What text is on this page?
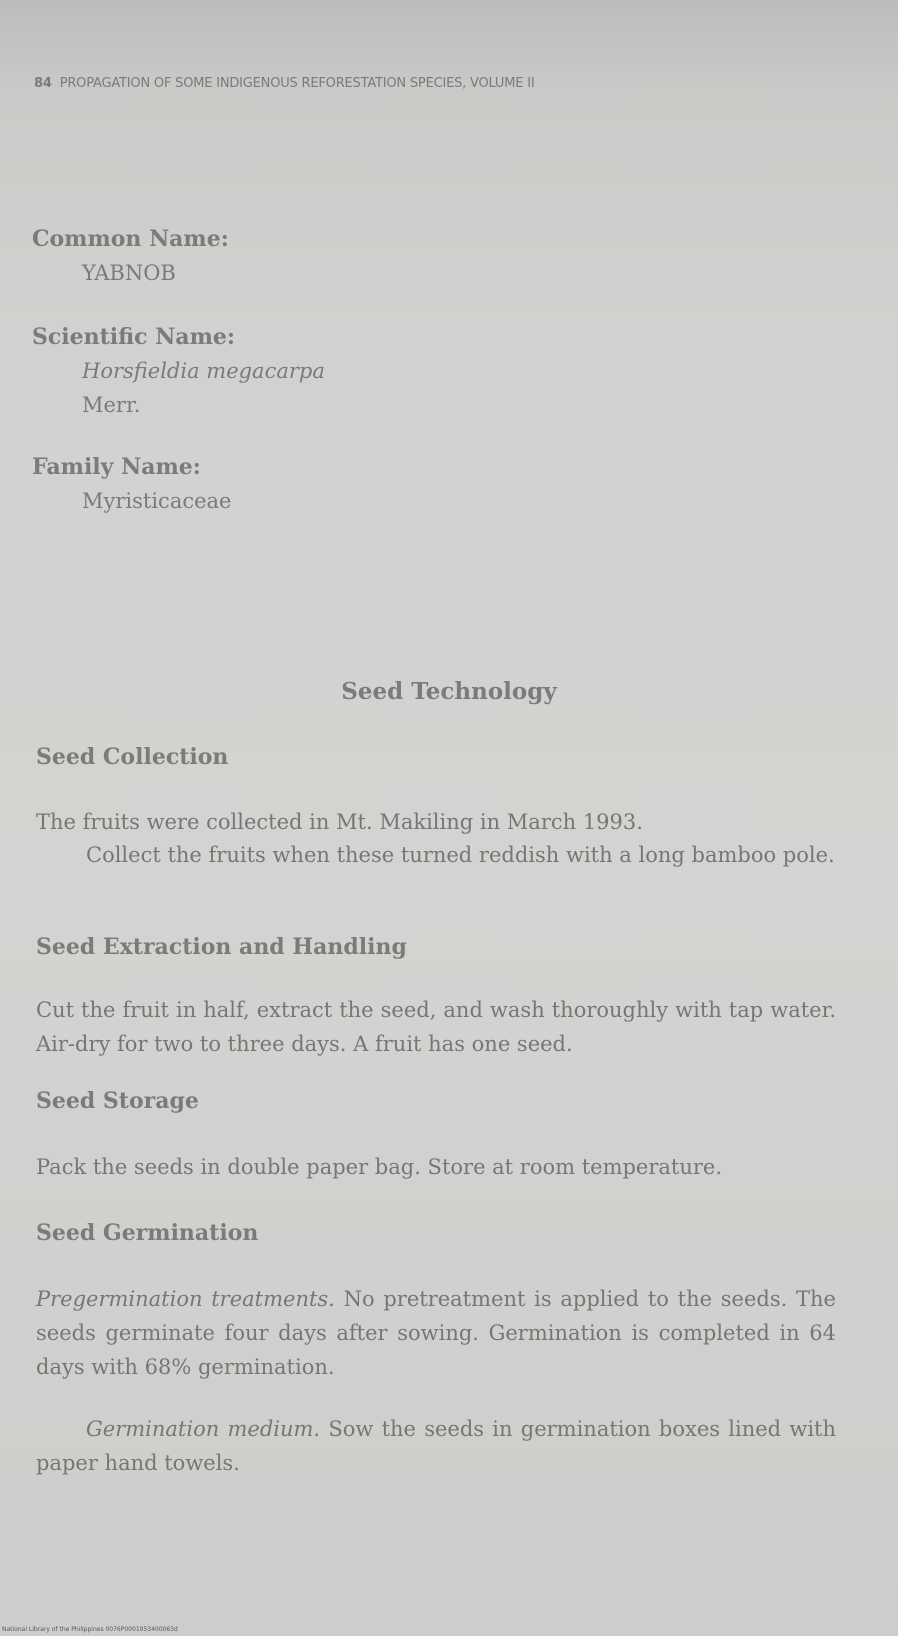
84 PROPAGATION OF SOME INDIGENOUS REFORESTATION SPECIES, VOLUME II
Common Name:
YABNOB
Scientific Name:
Horsfieldia megacarpa
Merr.
Family Name:
Myristicaceae
Seed Technology
Seed Collection
The fruits were collected in Mt. Makiling in March 1993.
Collect the fruits when these turned reddish with a long bamboo pole.
Seed Extraction and Handling
Cut the fruit in half, extract the seed, and wash thoroughly with tap water. Air-dry for two to three days. A fruit has one seed.
Seed Storage
Pack the seeds in double paper bag. Store at room temperature.
Seed Germination
Pregermination treatments. No pretreatment is applied to the seeds. The seeds germinate four days after sowing. Germination is completed in 64 days with 68% germination.
Germination medium. Sow the seeds in germination boxes lined with paper hand towels.
National Library of the Philippines 0076P0001053400063d
